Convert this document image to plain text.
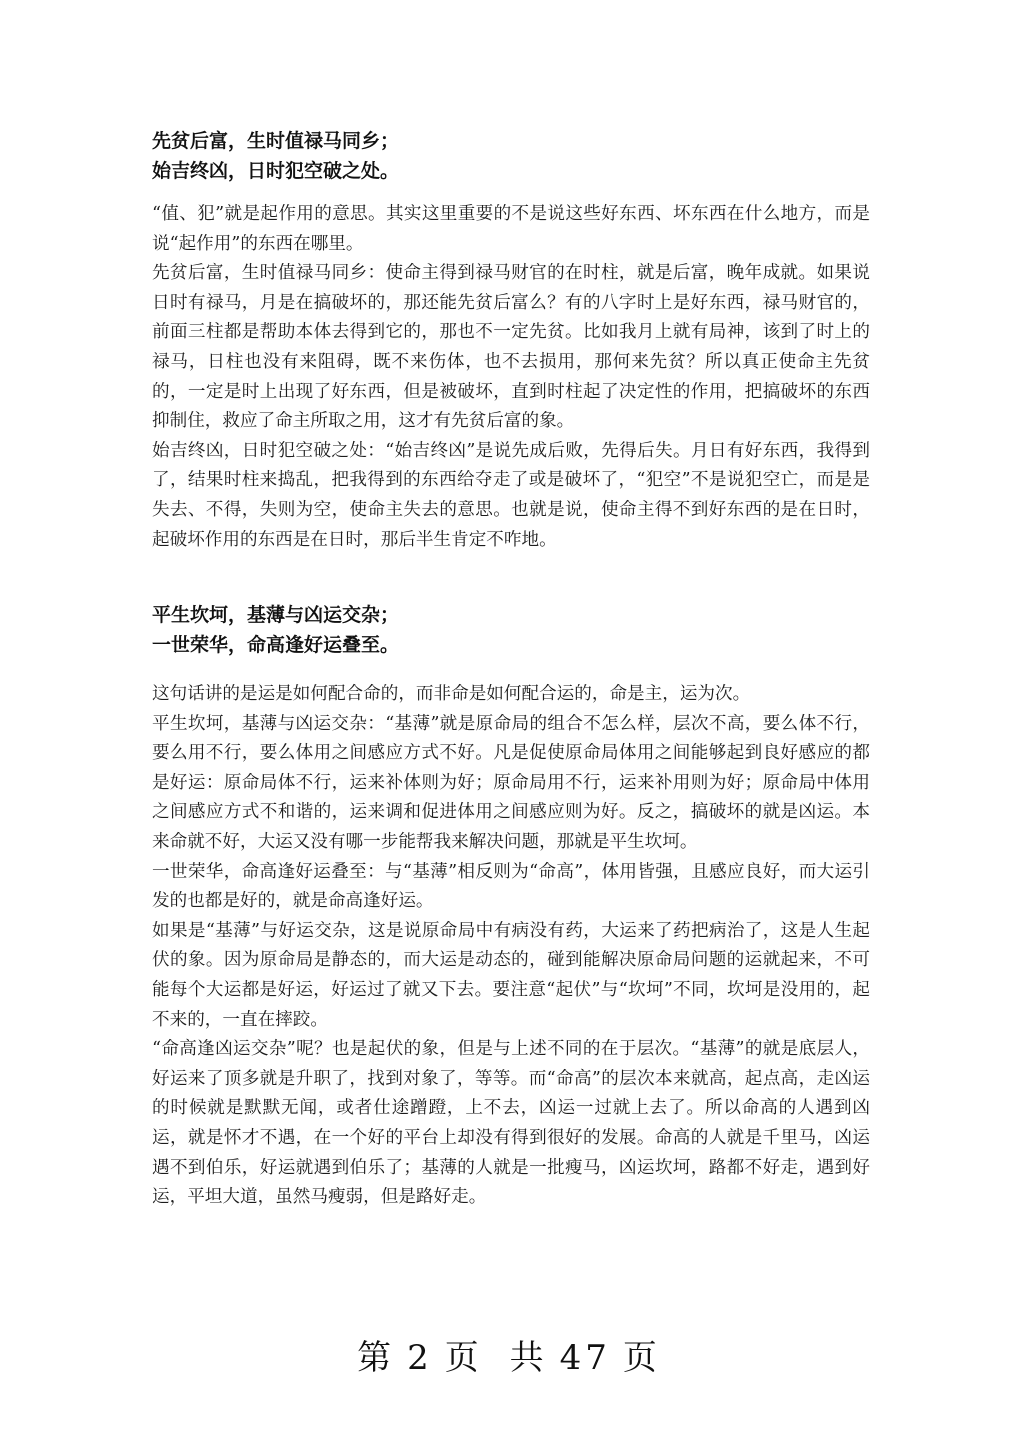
先贫后富，生时值禄马同乡；
始吉终凶，日时犯空破之处。

“值、犯”就是起作用的意思。其实这里重要的不是说这些好东西、坏东西在什么地方，而是说“起作用”的东西在哪里。

先贫后富，生时值禄马同乡：使命主得到禄马财官的在时柱，就是后富，晚年成就。如果说日时有禄马，月是在搞破坏的，那还能先贫后富么？有的八字时上是好东西，禄马财官的，前面三柱都是帮助本体去得到它的，那也不一定先贫。比如我月上就有局神，该到了时上的禄马，日柱也没有来阻碍，既不来伤体，也不去损用，那何来先贫？所以真正使命主先贫的，一定是时上出现了好东西，但是被破坏，直到时柱起了决定性的作用，把搞破坏的东西抑制住，救应了命主所取之用，这才有先贫后富的象。

始吉终凶，日时犯空破之处：“始吉终凶”是说先成后败，先得后失。月日有好东西，我得到了，结果时柱来捣乱，把我得到的东西给夺走了或是破坏了，“犯空”不是说犯空亡，而是是失去、不得，失则为空，使命主失去的意思。也就是说，使命主得不到好东西的是在日时，起破坏作用的东西是在日时，那后半生肯定不咋地。

平生坎坷，基薄与凶运交杂；
一世荣华，命高逢好运叠至。

这句话讲的是运是如何配合命的，而非命是如何配合运的，命是主，运为次。

平生坎坷，基薄与凶运交杂：“基薄”就是原命局的组合不怎么样，层次不高，要么体不行，要么用不行，要么体用之间感应方式不好。凡是促使原命局体用之间能够起到良好感应的都是好运：原命局体不行，运来补体则为好；原命局用不行，运来补用则为好；原命局中体用之间感应方式不和谐的，运来调和促进体用之间感应则为好。反之，搞破坏的就是凶运。本来命就不好，大运又没有哪一步能帮我来解决问题，那就是平生坎坷。

一世荣华，命高逢好运叠至：与“基薄”相反则为“命高”，体用皆强，且感应良好，而大运引发的也都是好的，就是命高逢好运。

如果是“基薄”与好运交杂，这是说原命局中有病没有药，大运来了药把病治了，这是人生起伏的象。因为原命局是静态的，而大运是动态的，碰到能解决原命局问题的运就起来，不可能每个大运都是好运，好运过了就又下去。要注意“起伏”与“坎坷”不同，坎坷是没用的，起不来的，一直在摔跤。

“命高逢凶运交杂”呢？也是起伏的象，但是与上述不同的在于层次。“基薄”的就是底层人，好运来了顶多就是升职了，找到对象了，等等。而“命高”的层次本来就高，起点高，走凶运的时候就是默默无闻，或者仕途蹭蹬，上不去，凶运一过就上去了。所以命高的人遇到凶运，就是怀才不遇，在一个好的平台上却没有得到很好的发展。命高的人就是千里马，凶运遇不到伯乐，好运就遇到伯乐了；基薄的人就是一批瘦马，凶运坎坷，路都不好走，遇到好运，平坦大道，虽然马瘦弱，但是路好走。

第 2 页 共 47 页
